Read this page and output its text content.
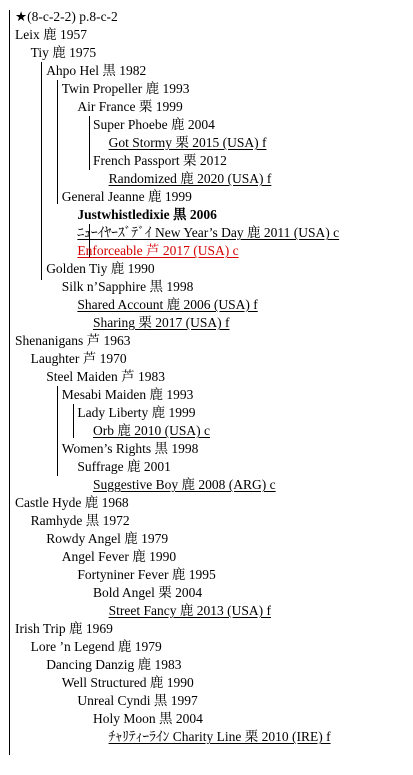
★(8-c-2-2) p.8-c-2
Leix 鹿 1957
Tiy 鹿 1975
Ahpo Hel 黒 1982
Twin Propeller 鹿 1993
Air France 栗 1999
Super Phoebe 鹿 2004
Got Stormy 栗 2015 (USA) f
French Passport 栗 2012
Randomized 鹿 2020 (USA) f
General Jeanne 鹿 1999
Justwhistledixie 黒 2006
ﾆｭｰｲﾔｰｽﾞﾃﾞｲ New Year’s Day 鹿 2011 (USA) c
Enforceable 芦 2017 (USA) c
Golden Tiy 鹿 1990
Silk n’Sapphire 黒 1998
Shared Account 鹿 2006 (USA) f
Sharing 栗 2017 (USA) f
Shenanigans 芦 1963
Laughter 芦 1970
Steel Maiden 芦 1983
Mesabi Maiden 鹿 1993
Lady Liberty 鹿 1999
Orb 鹿 2010 (USA) c
Women’s Rights 黒 1998
Suffrage 鹿 2001
Suggestive Boy 鹿 2008 (ARG) c
Castle Hyde 鹿 1968
Ramhyde 黒 1972
Rowdy Angel 鹿 1979
Angel Fever 鹿 1990
Fortyniner Fever 鹿 1995
Bold Angel 栗 2004
Street Fancy 鹿 2013 (USA) f
Irish Trip 鹿 1969
Lore ’n Legend 鹿 1979
Dancing Danzig 鹿 1983
Well Structured 鹿 1990
Unreal Cyndi 黒 1997
Holy Moon 黒 2004
ﾁｬﾘﾃｨｰﾗｲﾝ Charity Line 栗 2010 (IRE) f
